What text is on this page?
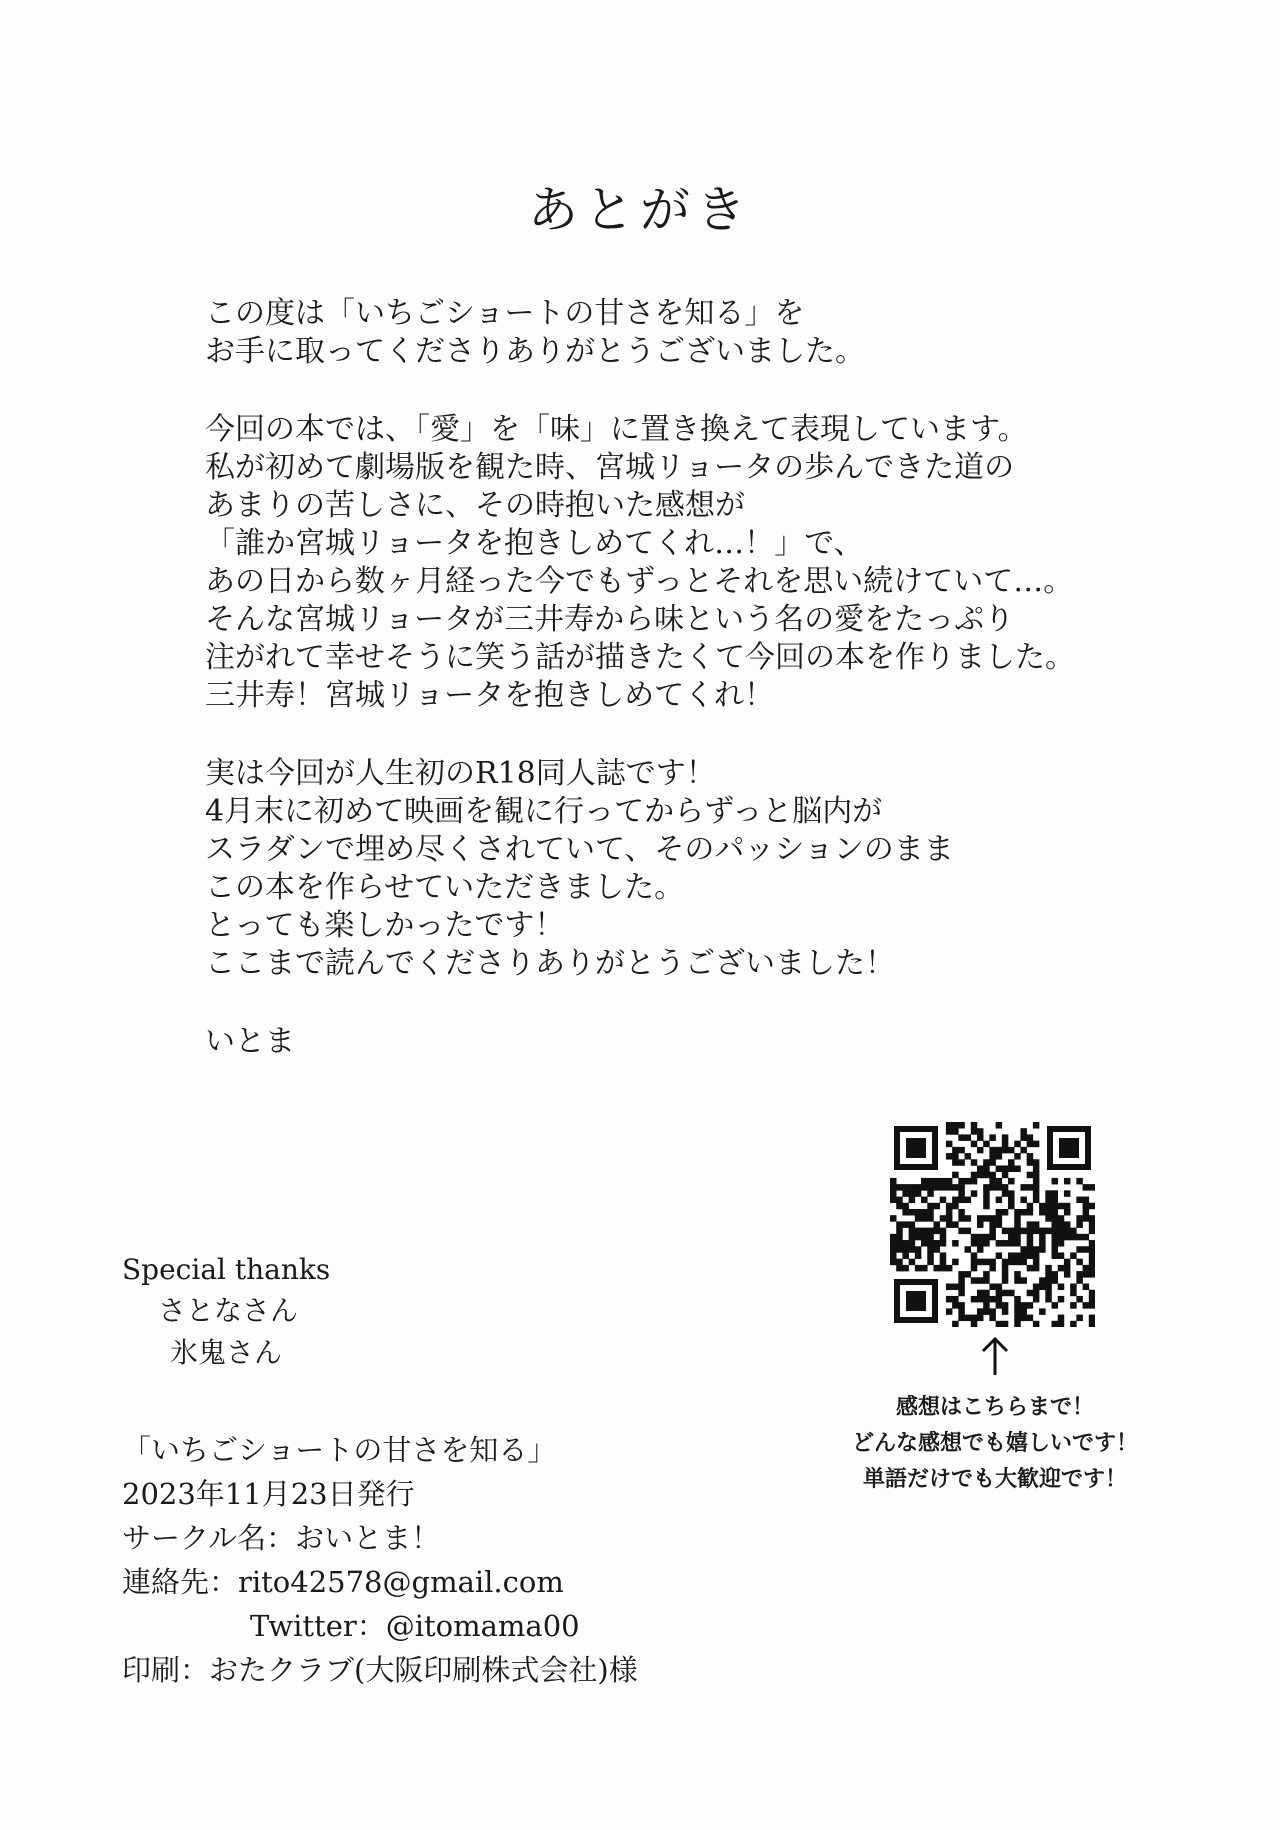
あとがき
この度は「いちごショートの甘さを知る」を
お手に取ってくださりありがとうございました。
今回の本では、「愛」を「味」に置き換えて表現しています。
私が初めて劇場版を観た時、宮城リョータの歩んできた道の
あまりの苦しさに、その時抱いた感想が
「誰か宮城リョータを抱きしめてくれ…！」で、
あの日から数ヶ月経った今でもずっとそれを思い続けていて…。
そんな宮城リョータが三井寿から味という名の愛をたっぷり
注がれて幸せそうに笑う話が描きたくて今回の本を作りました。
三井寿！宮城リョータを抱きしめてくれ！
実は今回が人生初のR18同人誌です！
4月末に初めて映画を観に行ってからずっと脳内が
スラダンで埋め尽くされていて、そのパッションのまま
この本を作らせていただきました。
とっても楽しかったです！
ここまで読んでくださりありがとうございました！
いとま
Special thanks
さとなさん
氷鬼さん
「いちごショートの甘さを知る」
2023年11月23日発行
サークル名：おいとま！
連絡先：rito42578@gmail.com
Twitter：@itomama00
印刷：おたクラブ(大阪印刷株式会社)様
感想はこちらまで！
どんな感想でも嬉しいです！
単語だけでも大歓迎です！
